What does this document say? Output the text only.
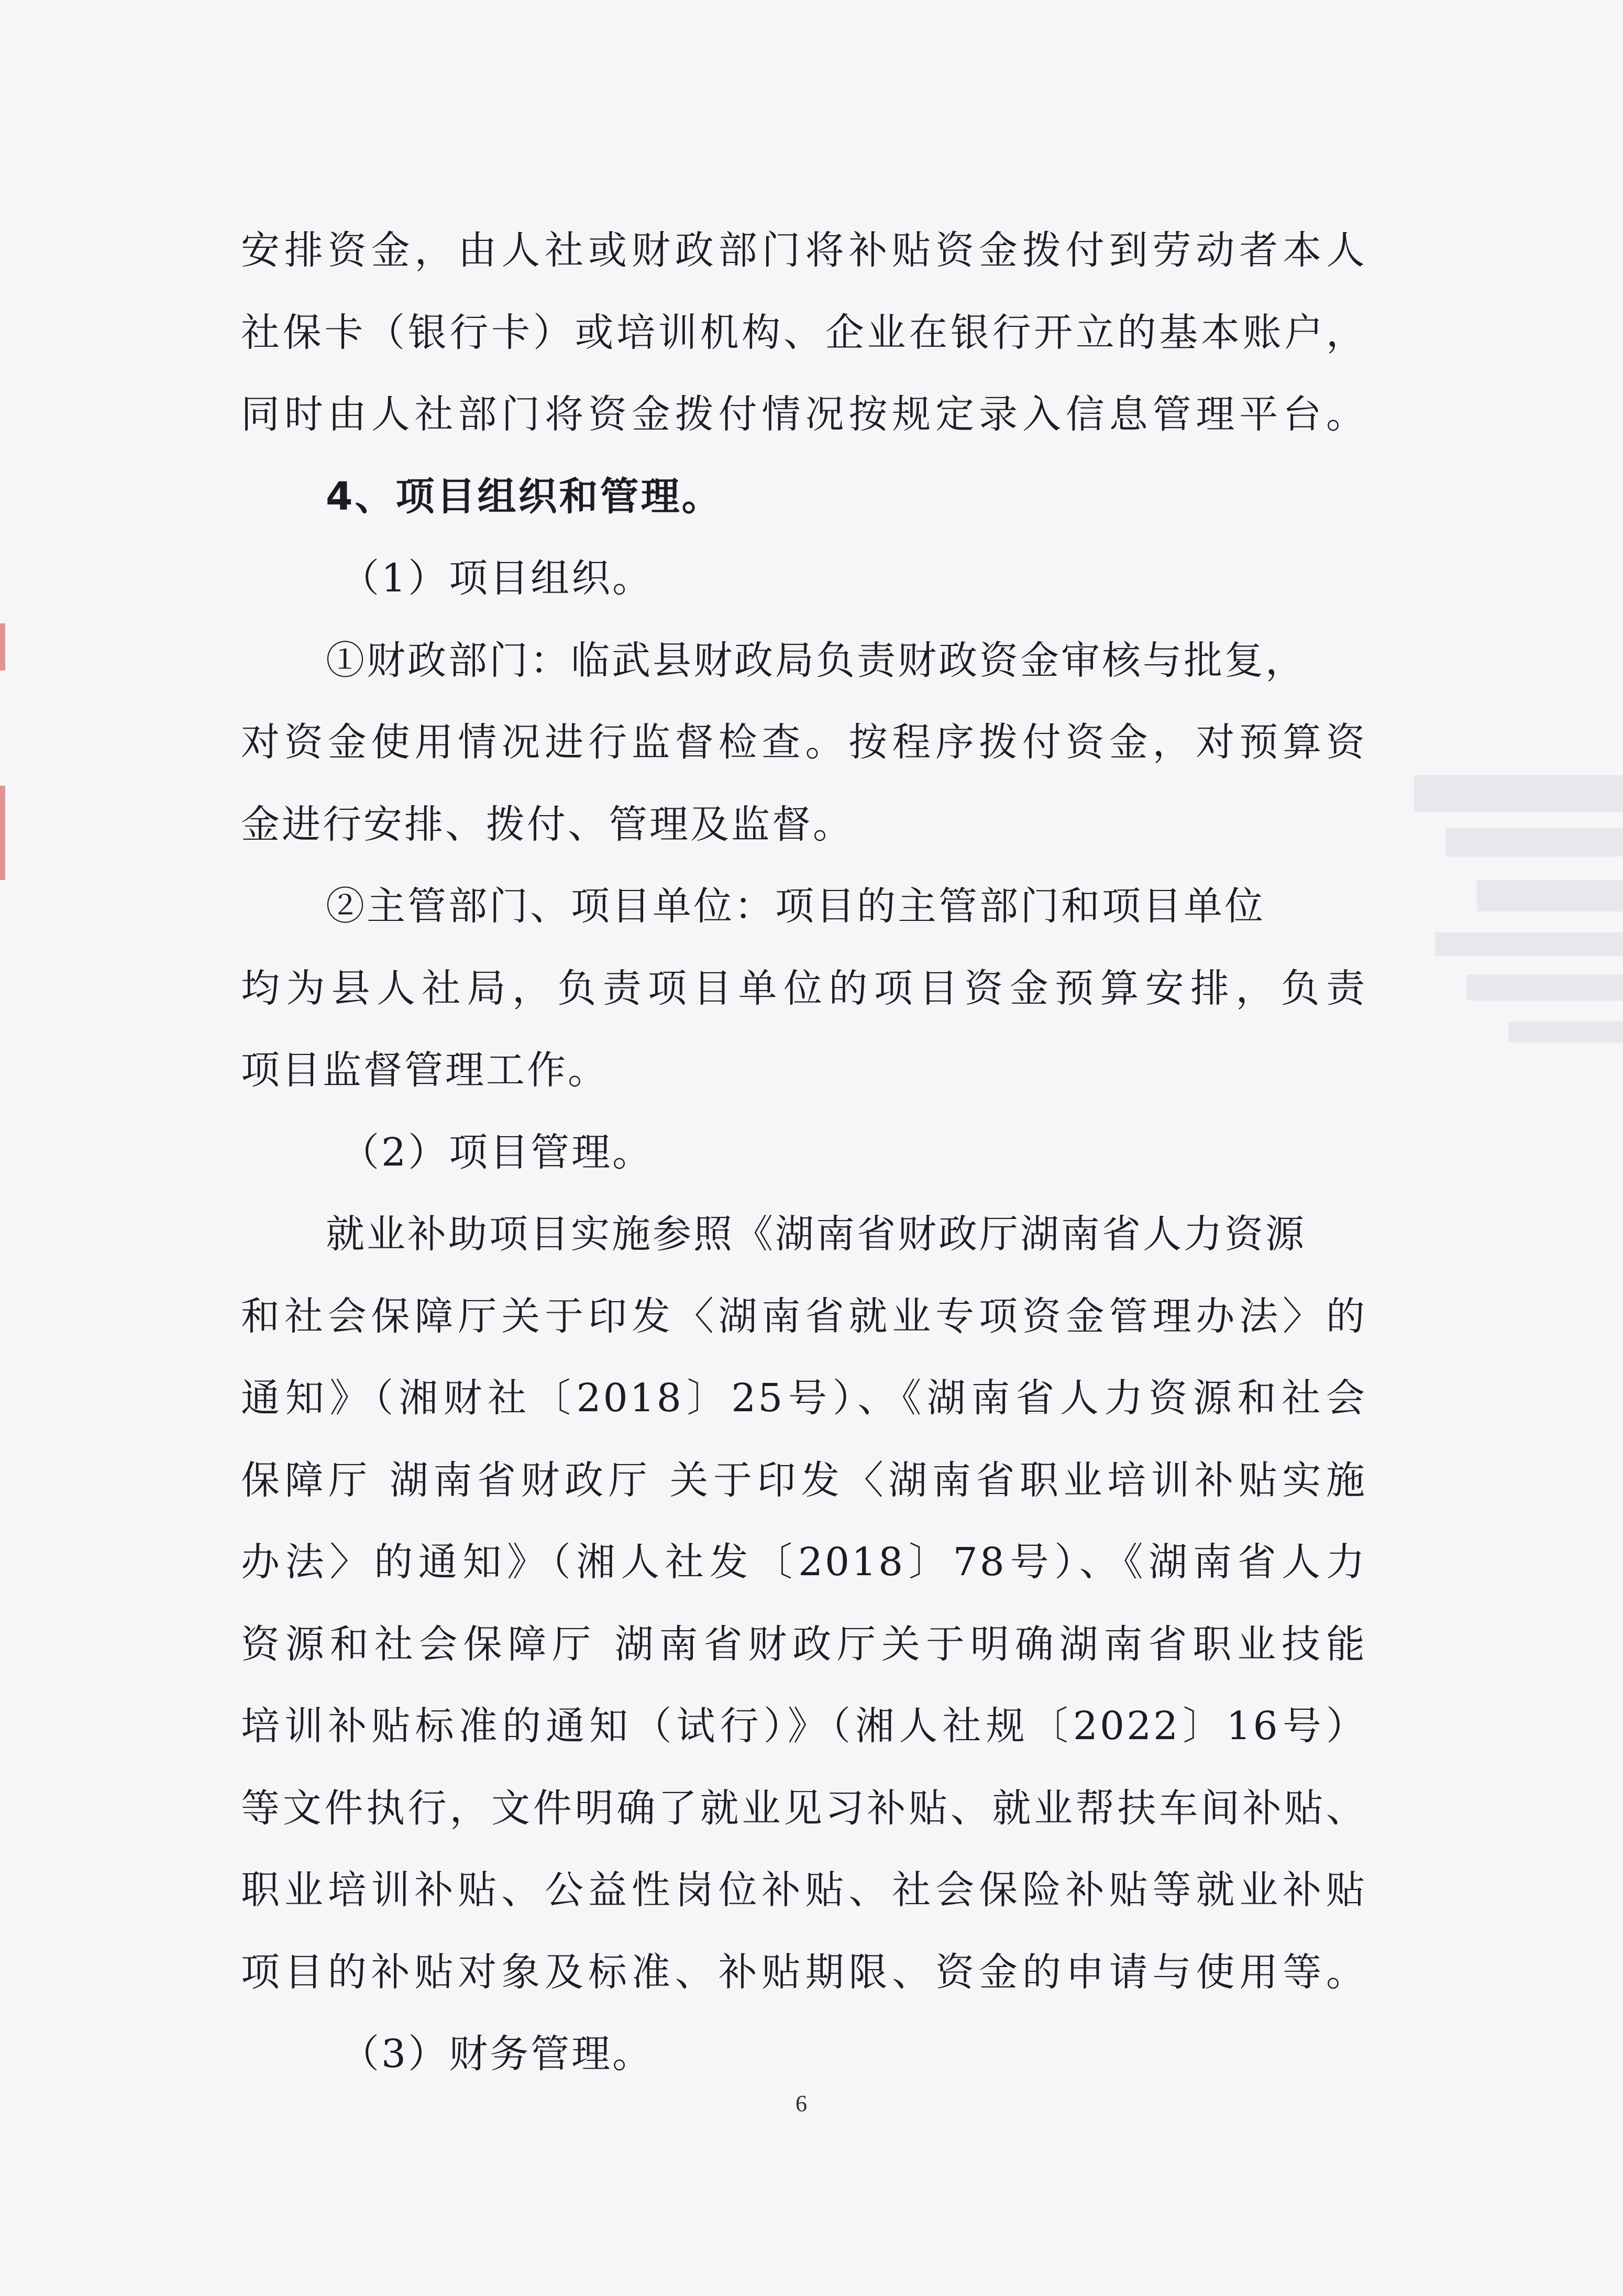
安排资金，由人社或财政部门将补贴资金拨付到劳动者本人
社保卡（银行卡）或培训机构、企业在银行开立的基本账户，
同时由人社部门将资金拨付情况按规定录入信息管理平台。
4、项目组织和管理。
（1）项目组织。
①财政部门：临武县财政局负责财政资金审核与批复，
对资金使用情况进行监督检查。按程序拨付资金，对预算资
金进行安排、拨付、管理及监督。
②主管部门、项目单位：项目的主管部门和项目单位
均为县人社局，负责项目单位的项目资金预算安排，负责
项目监督管理工作。
（2）项目管理。
就业补助项目实施参照《湖南省财政厅湖南省人力资源
和社会保障厅关于印发〈湖南省就业专项资金管理办法〉的
通知》（湘财社〔2018〕25号）、《湖南省人力资源和社会
保障厅 湖南省财政厅 关于印发〈湖南省职业培训补贴实施
办法〉的通知》（湘人社发〔2018〕78号）、《湖南省人力
资源和社会保障厅 湖南省财政厅关于明确湖南省职业技能
培训补贴标准的通知（试行）》（湘人社规〔2022〕16号）
等文件执行，文件明确了就业见习补贴、就业帮扶车间补贴、
职业培训补贴、公益性岗位补贴、社会保险补贴等就业补贴
项目的补贴对象及标准、补贴期限、资金的申请与使用等。
（3）财务管理。
6
